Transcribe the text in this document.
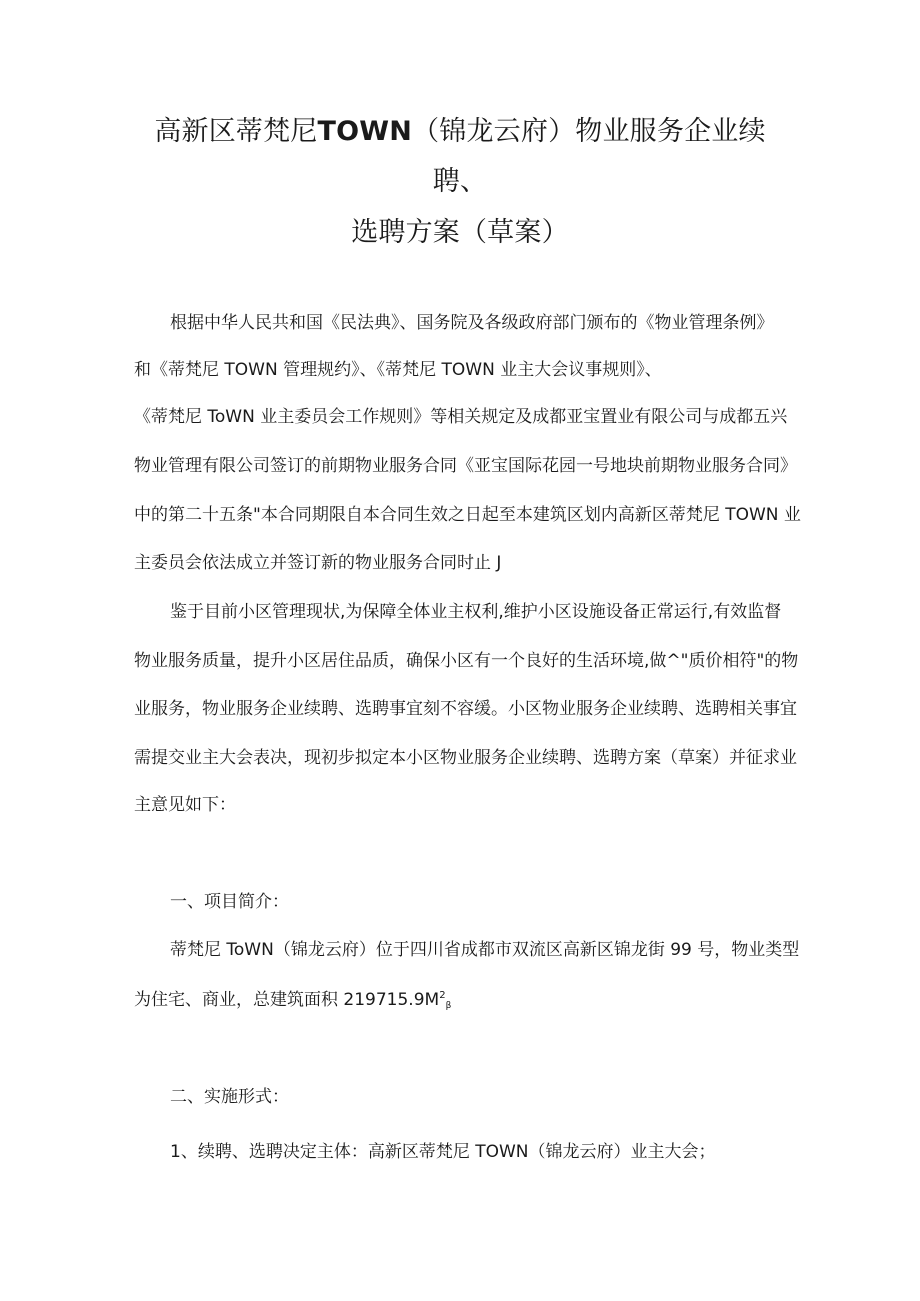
高新区蒂梵尼TOWN（锦龙云府）物业服务企业续
聘、
选聘方案（草案）
根据中华人民共和国《民法典》、国务院及各级政府部门颁布的《物业管理条例》
和《蒂梵尼 TOWN 管理规约》、《蒂梵尼 TOWN 业主大会议事规则》、
《蒂梵尼 ToWN 业主委员会工作规则》等相关规定及成都亚宝置业有限公司与成都五兴
物业管理有限公司签订的前期物业服务合同《亚宝国际花园一号地块前期物业服务合同》
中的第二十五条"本合同期限自本合同生效之日起至本建筑区划内高新区蒂梵尼 TOWN 业
主委员会依法成立并签订新的物业服务合同时止 J
鉴于目前小区管理现状,为保障全体业主权利,维护小区设施设备正常运行,有效监督
物业服务质量，提升小区居住品质，确保小区有一个良好的生活环境,做^"质价相符"的物
业服务，物业服务企业续聘、选聘事宜刻不容缓。小区物业服务企业续聘、选聘相关事宜
需提交业主大会表决，现初步拟定本小区物业服务企业续聘、选聘方案（草案）并征求业
主意见如下：
一、项目简介：
蒂梵尼 ToWN（锦龙云府）位于四川省成都市双流区高新区锦龙街 99 号，物业类型
为住宅、商业，总建筑面积 $219715.9M^2_\beta$
二、实施形式：
1、续聘、选聘决定主体：高新区蒂梵尼 TOWN（锦龙云府）业主大会；
